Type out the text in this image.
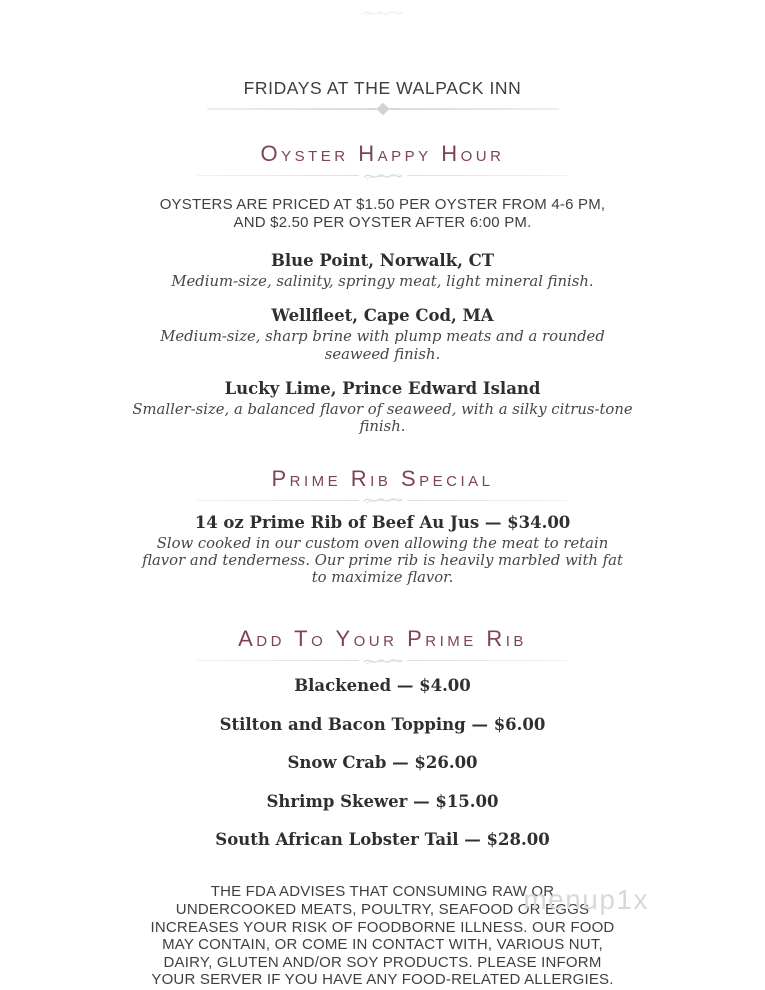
FRIDAYS AT THE WALPACK INN
Oyster Happy Hour
OYSTERS ARE PRICED AT $1.50 PER OYSTER FROM 4-6 PM,
AND $2.50 PER OYSTER AFTER 6:00 PM.
Blue Point, Norwalk, CT
Medium-size, salinity, springy meat, light mineral finish.
Wellfleet, Cape Cod, MA
Medium-size, sharp brine with plump meats and a rounded seaweed finish.
Lucky Lime, Prince Edward Island
Smaller-size, a balanced flavor of seaweed, with a silky citrus-tone finish.
Prime Rib Special
14 oz Prime Rib of Beef Au Jus — $34.00
Slow cooked in our custom oven allowing the meat to retain flavor and tenderness. Our prime rib is heavily marbled with fat to maximize flavor.
Add To Your Prime Rib
Blackened — $4.00
Stilton and Bacon Topping — $6.00
Snow Crab — $26.00
Shrimp Skewer — $15.00
South African Lobster Tail — $28.00
THE FDA ADVISES THAT CONSUMING RAW OR
UNDERCOOKED MEATS, POULTRY, SEAFOOD OR EGGS
INCREASES YOUR RISK OF FOODBORNE ILLNESS. OUR FOOD
MAY CONTAIN, OR COME IN CONTACT WITH, VARIOUS NUT,
DAIRY, GLUTEN AND/OR SOY PRODUCTS. PLEASE INFORM
YOUR SERVER IF YOU HAVE ANY FOOD-RELATED ALLERGIES.
menup1x
